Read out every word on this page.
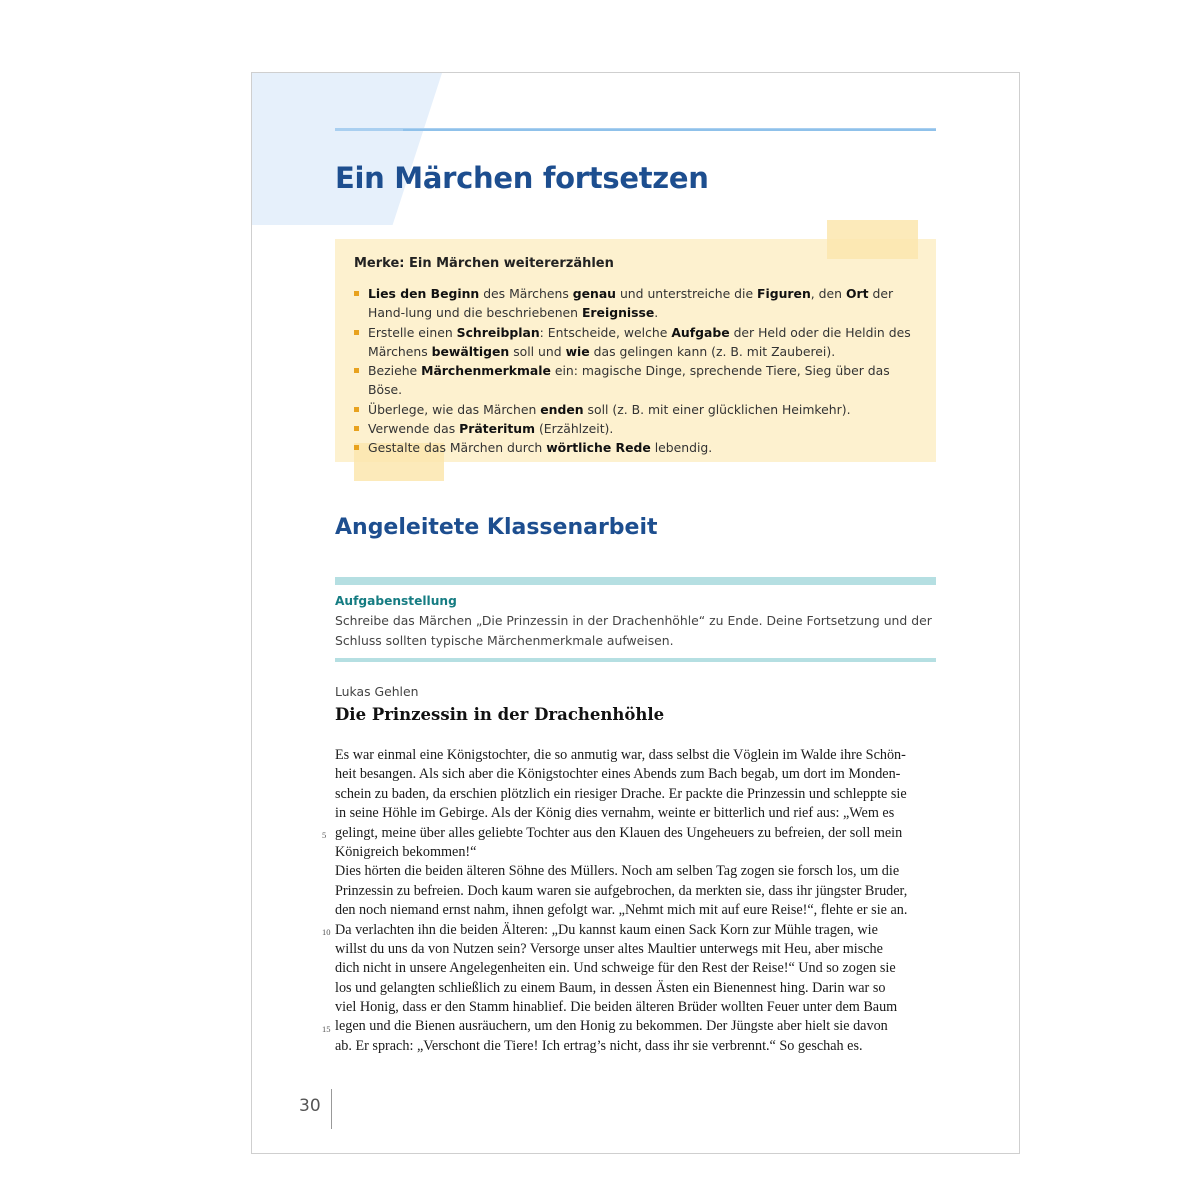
Ein Märchen fortsetzen
Merke: Ein Märchen weitererzählen
Lies den Beginn des Märchens genau und unterstreiche die Figuren, den Ort der Hand-lung und die beschriebenen Ereignisse.
Erstelle einen Schreibplan: Entscheide, welche Aufgabe der Held oder die Heldin des Märchens bewältigen soll und wie das gelingen kann (z. B. mit Zauberei).
Beziehe Märchenmerkmale ein: magische Dinge, sprechende Tiere, Sieg über das Böse.
Überlege, wie das Märchen enden soll (z. B. mit einer glücklichen Heimkehr).
Verwende das Präteritum (Erzählzeit).
Gestalte das Märchen durch wörtliche Rede lebendig.
Angeleitete Klassenarbeit
Aufgabenstellung
Schreibe das Märchen „Die Prinzessin in der Drachenhöhle“ zu Ende. Deine Fortsetzung und der Schluss sollten typische Märchenmerkmale aufweisen.
Lukas Gehlen
Die Prinzessin in der Drachenhöhle
5
10
15
Es war einmal eine Königstochter, die so anmutig war, dass selbst die Vöglein im Walde ihre Schön-
heit besangen. Als sich aber die Königstochter eines Abends zum Bach begab, um dort im Monden-
schein zu baden, da erschien plötzlich ein riesiger Drache. Er packte die Prinzessin und schleppte sie
in seine Höhle im Gebirge. Als der König dies vernahm, weinte er bitterlich und rief aus: „Wem es
gelingt, meine über alles geliebte Tochter aus den Klauen des Ungeheuers zu befreien, der soll mein
Königreich bekommen!“
Dies hörten die beiden älteren Söhne des Müllers. Noch am selben Tag zogen sie forsch los, um die
Prinzessin zu befreien. Doch kaum waren sie aufgebrochen, da merkten sie, dass ihr jüngster Bruder,
den noch niemand ernst nahm, ihnen gefolgt war. „Nehmt mich mit auf eure Reise!“, flehte er sie an.
Da verlachten ihn die beiden Älteren: „Du kannst kaum einen Sack Korn zur Mühle tragen, wie
willst du uns da von Nutzen sein? Versorge unser altes Maultier unterwegs mit Heu, aber mische
dich nicht in unsere Angelegenheiten ein. Und schweige für den Rest der Reise!“ Und so zogen sie
los und gelangten schließlich zu einem Baum, in dessen Ästen ein Bienennest hing. Darin war so
viel Honig, dass er den Stamm hinablief. Die beiden älteren Brüder wollten Feuer unter dem Baum
legen und die Bienen ausräuchern, um den Honig zu bekommen. Der Jüngste aber hielt sie davon
ab. Er sprach: „Verschont die Tiere! Ich ertrag’s nicht, dass ihr sie verbrennt.“ So geschah es.
30
